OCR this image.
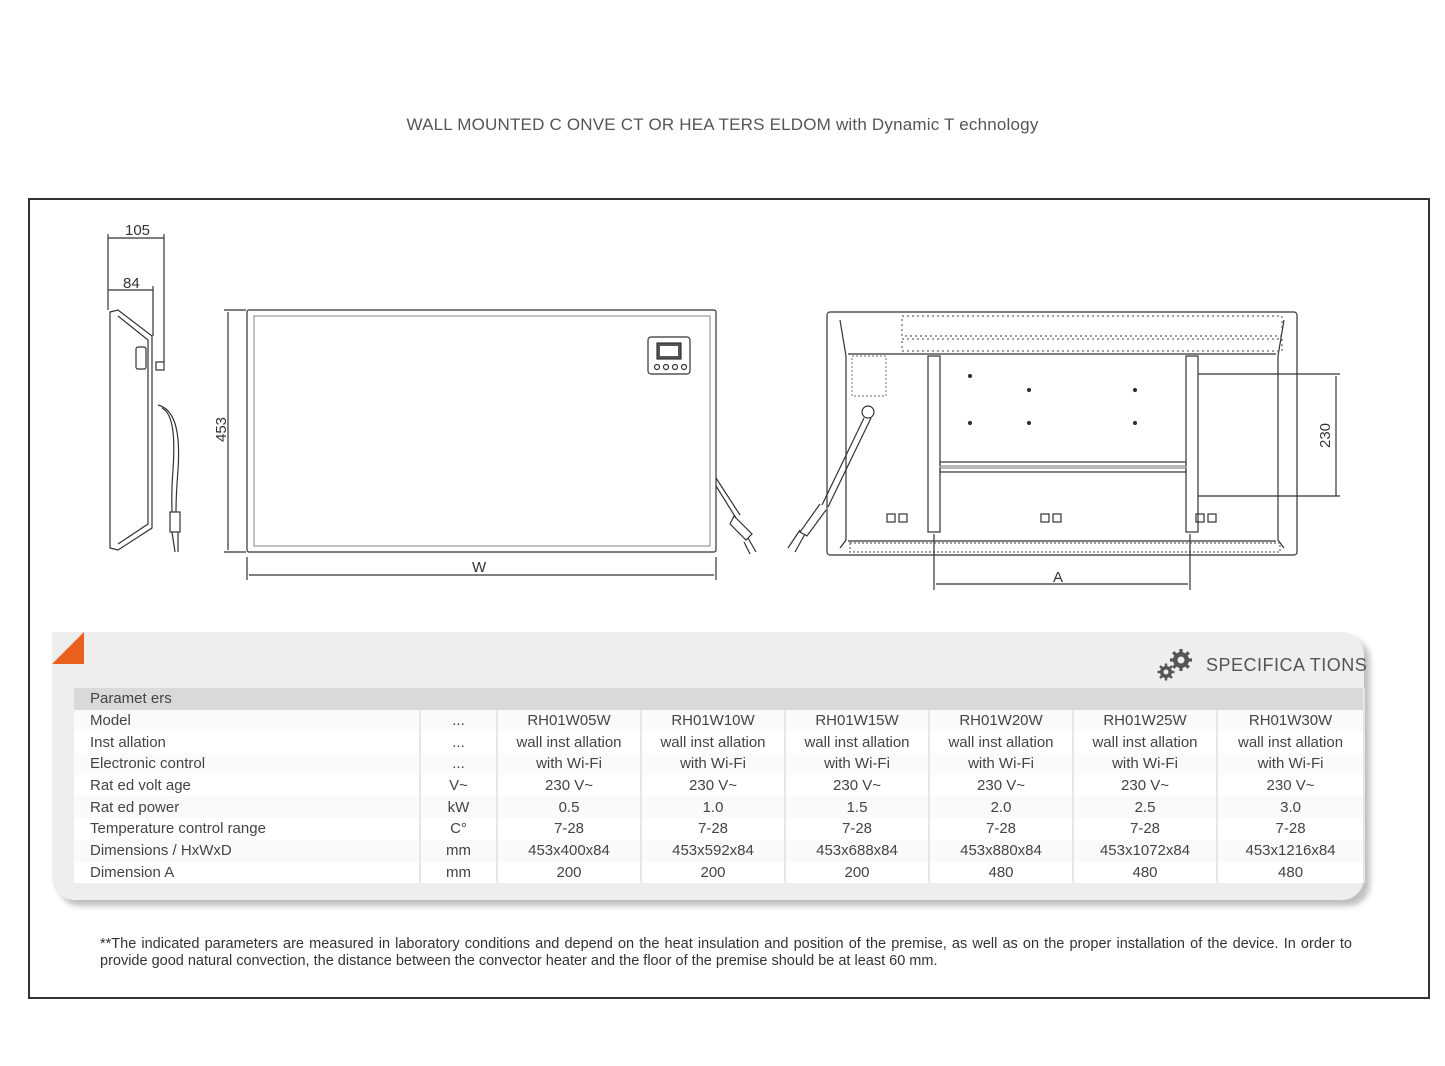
WALL MOUNTED C ONVE CT OR HEA TERS ELDOM with Dynamic T echnology
105
84
453
W
A
230
SPECIFICA TIONS
Paramet ers							
Model	...	RH01W05W	RH01W10W	RH01W15W	RH01W20W	RH01W25W	RH01W30W
Inst allation	...	wall inst allation	wall inst allation	wall inst allation	wall inst allation	wall inst allation	wall inst allation
Electronic control	...	with Wi-Fi	with Wi-Fi	with Wi-Fi	with Wi-Fi	with Wi-Fi	with Wi-Fi
Rat ed volt age	V~	230 V~	230 V~	230 V~	230 V~	230 V~	230 V~
Rat ed power	kW	0.5	1.0	1.5	2.0	2.5	3.0
Temperature control range	C°	7-28	7-28	7-28	7-28	7-28	7-28
Dimensions / HxWxD	mm	453x400x84	453x592x84	453x688x84	453x880x84	453x1072x84	453x1216x84
Dimension A	mm	200	200	200	480	480	480
**The indicated parameters are measured in laboratory conditions and depend on the heat insulation and position of the premise, as well as on the proper installation of the device. In order to provide good natural convection, the distance between the convector heater and the floor of the premise should be at least 60 mm.
